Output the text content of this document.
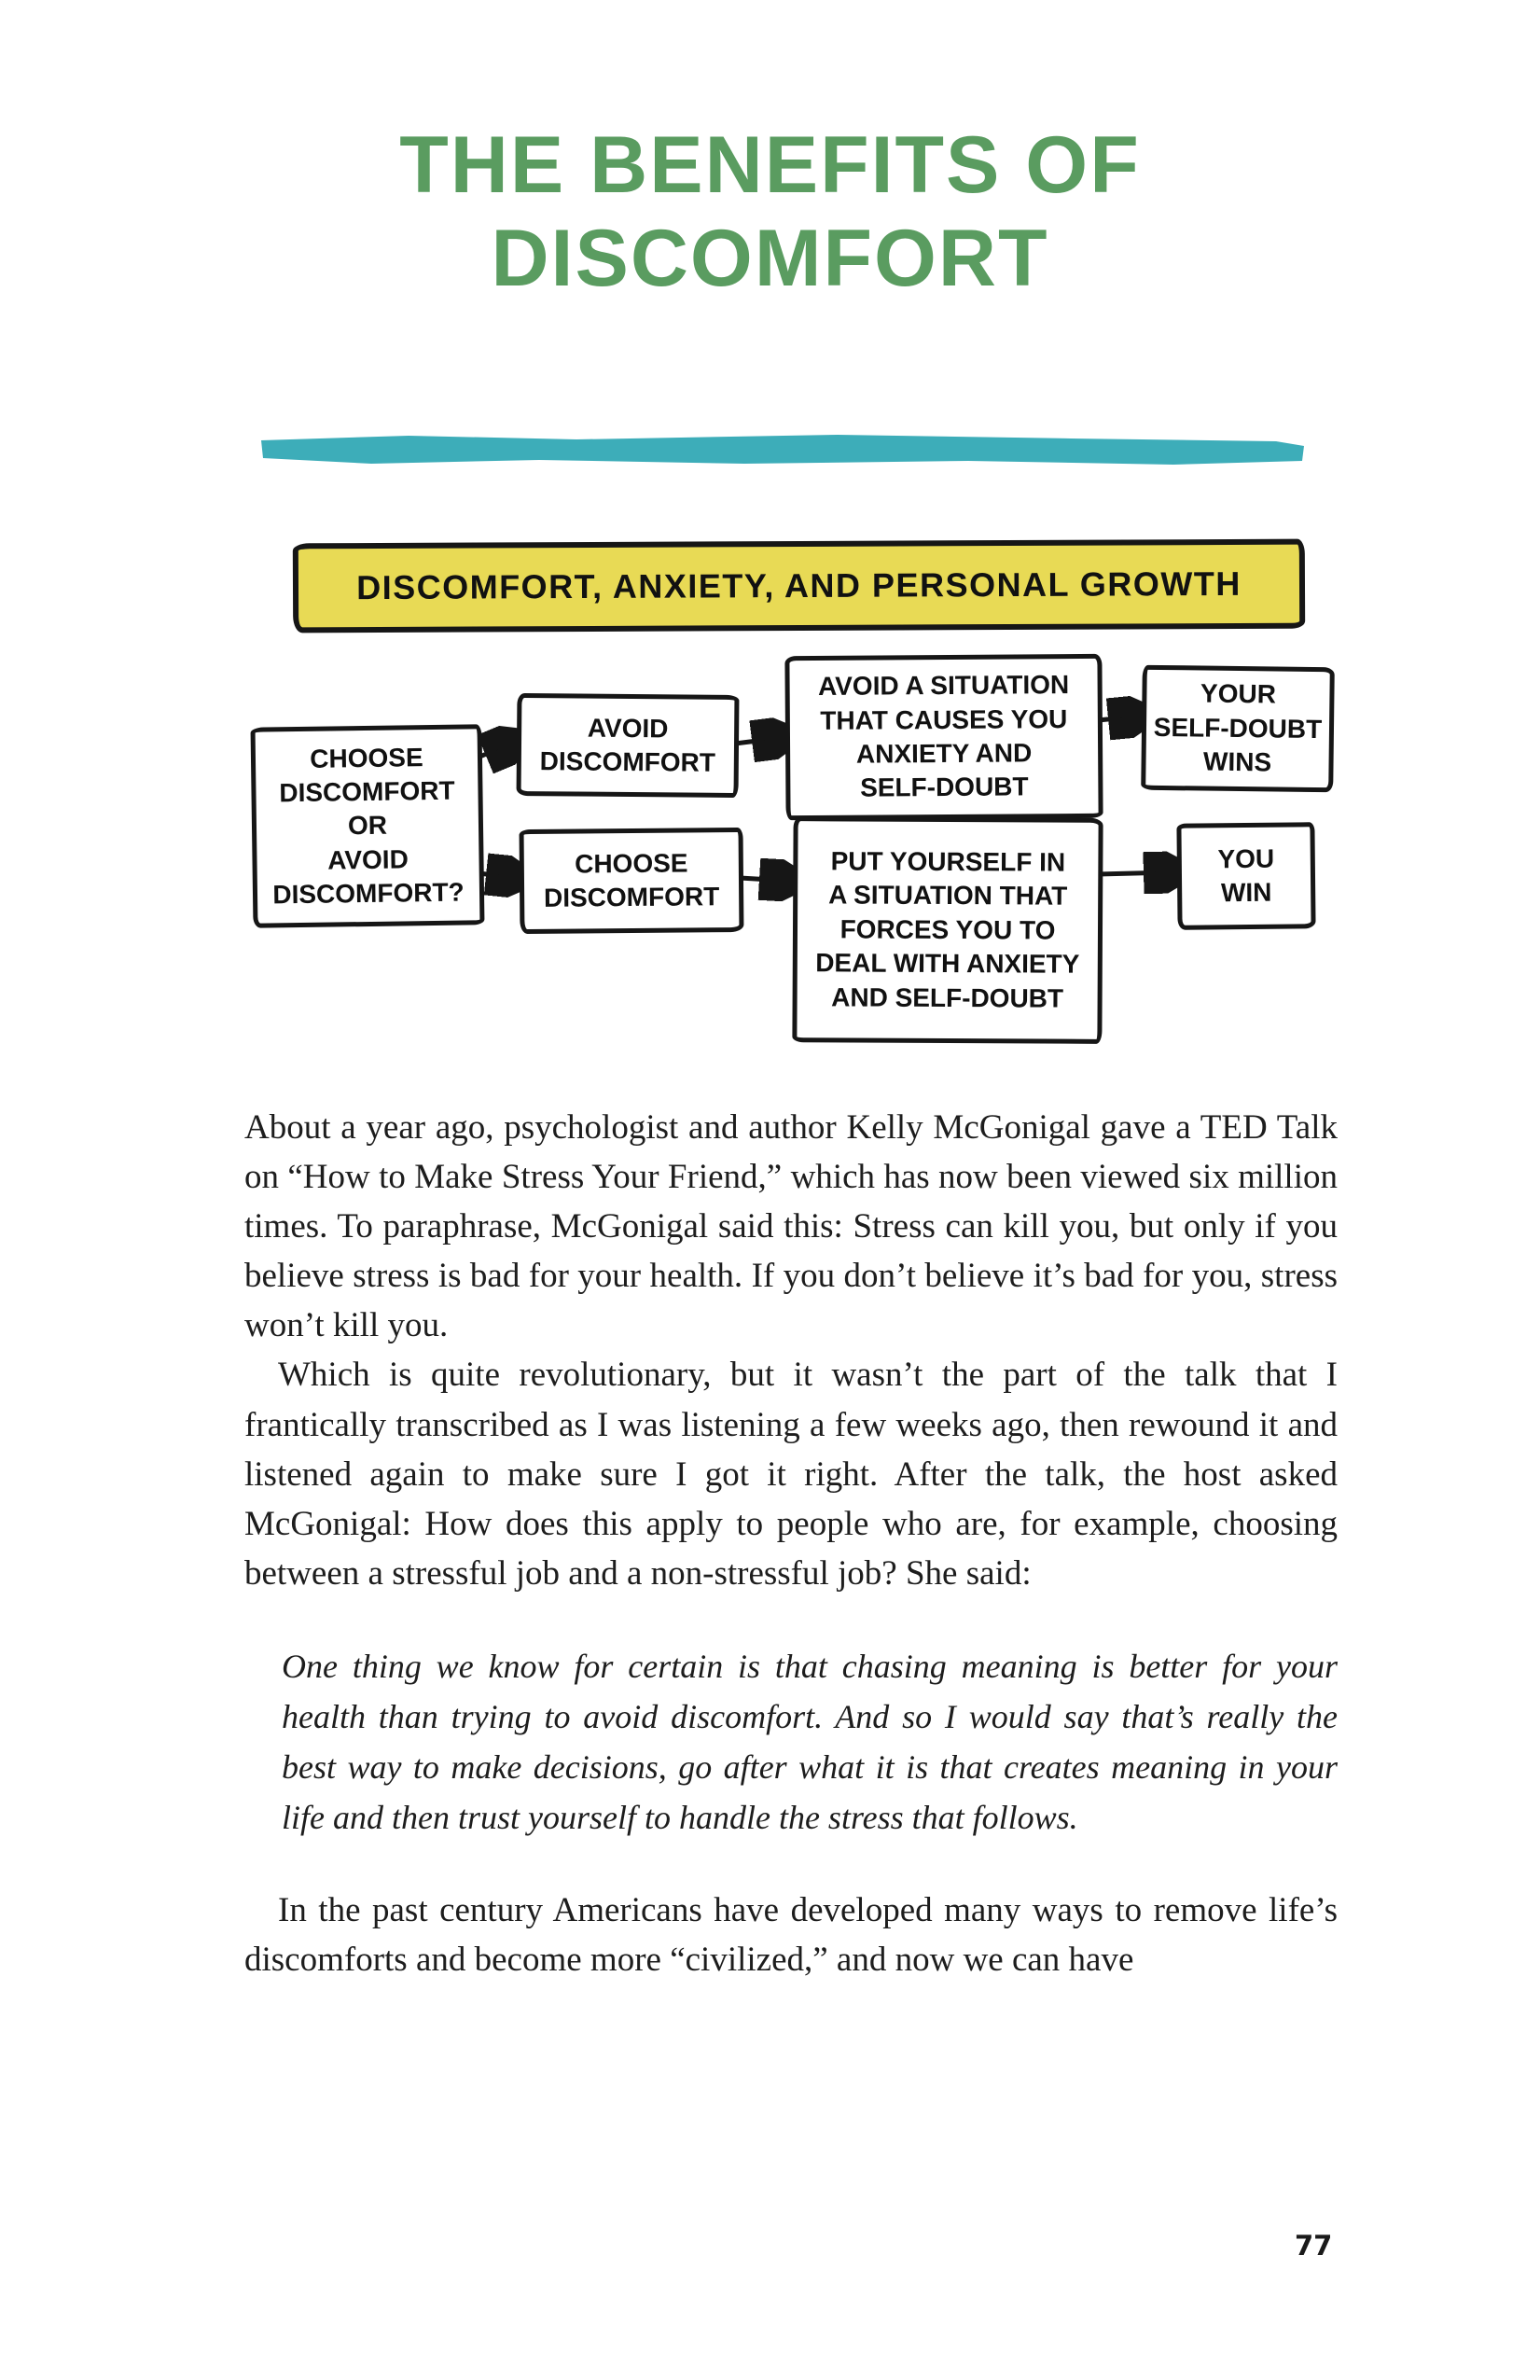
THE BENEFITS OF
DISCOMFORT
DISCOMFORT, ANXIETY, AND PERSONAL GROWTH
CHOOSE
DISCOMFORT
OR
AVOID
DISCOMFORT?
AVOID
DISCOMFORT
AVOID A SITUATION
THAT CAUSES YOU
ANXIETY AND
SELF-DOUBT
YOUR
SELF-DOUBT
WINS
CHOOSE
DISCOMFORT
PUT YOURSELF IN
A SITUATION THAT
FORCES YOU TO
DEAL WITH ANXIETY
AND SELF-DOUBT
YOU
WIN

About a year ago, psychologist and author Kelly McGonigal gave a TED Talk on “How to Make Stress Your Friend,” which has now been viewed six million times. To paraphrase, McGonigal said this: Stress can kill you, but only if you believe stress is bad for your health. If you don’t believe it’s bad for you, stress won’t kill you.

Which is quite revolutionary, but it wasn’t the part of the talk that I frantically transcribed as I was listening a few weeks ago, then rewound it and listened again to make sure I got it right. After the talk, the host asked McGonigal: How does this apply to people who are, for example, choosing between a stressful job and a non-stressful job? She said:

One thing we know for certain is that chasing meaning is better for your health than trying to avoid discomfort. And so I would say that’s really the best way to make decisions, go after what it is that creates meaning in your life and then trust yourself to handle the stress that follows.

In the past century Americans have developed many ways to remove life’s discomforts and become more “civilized,” and now we can have

77
